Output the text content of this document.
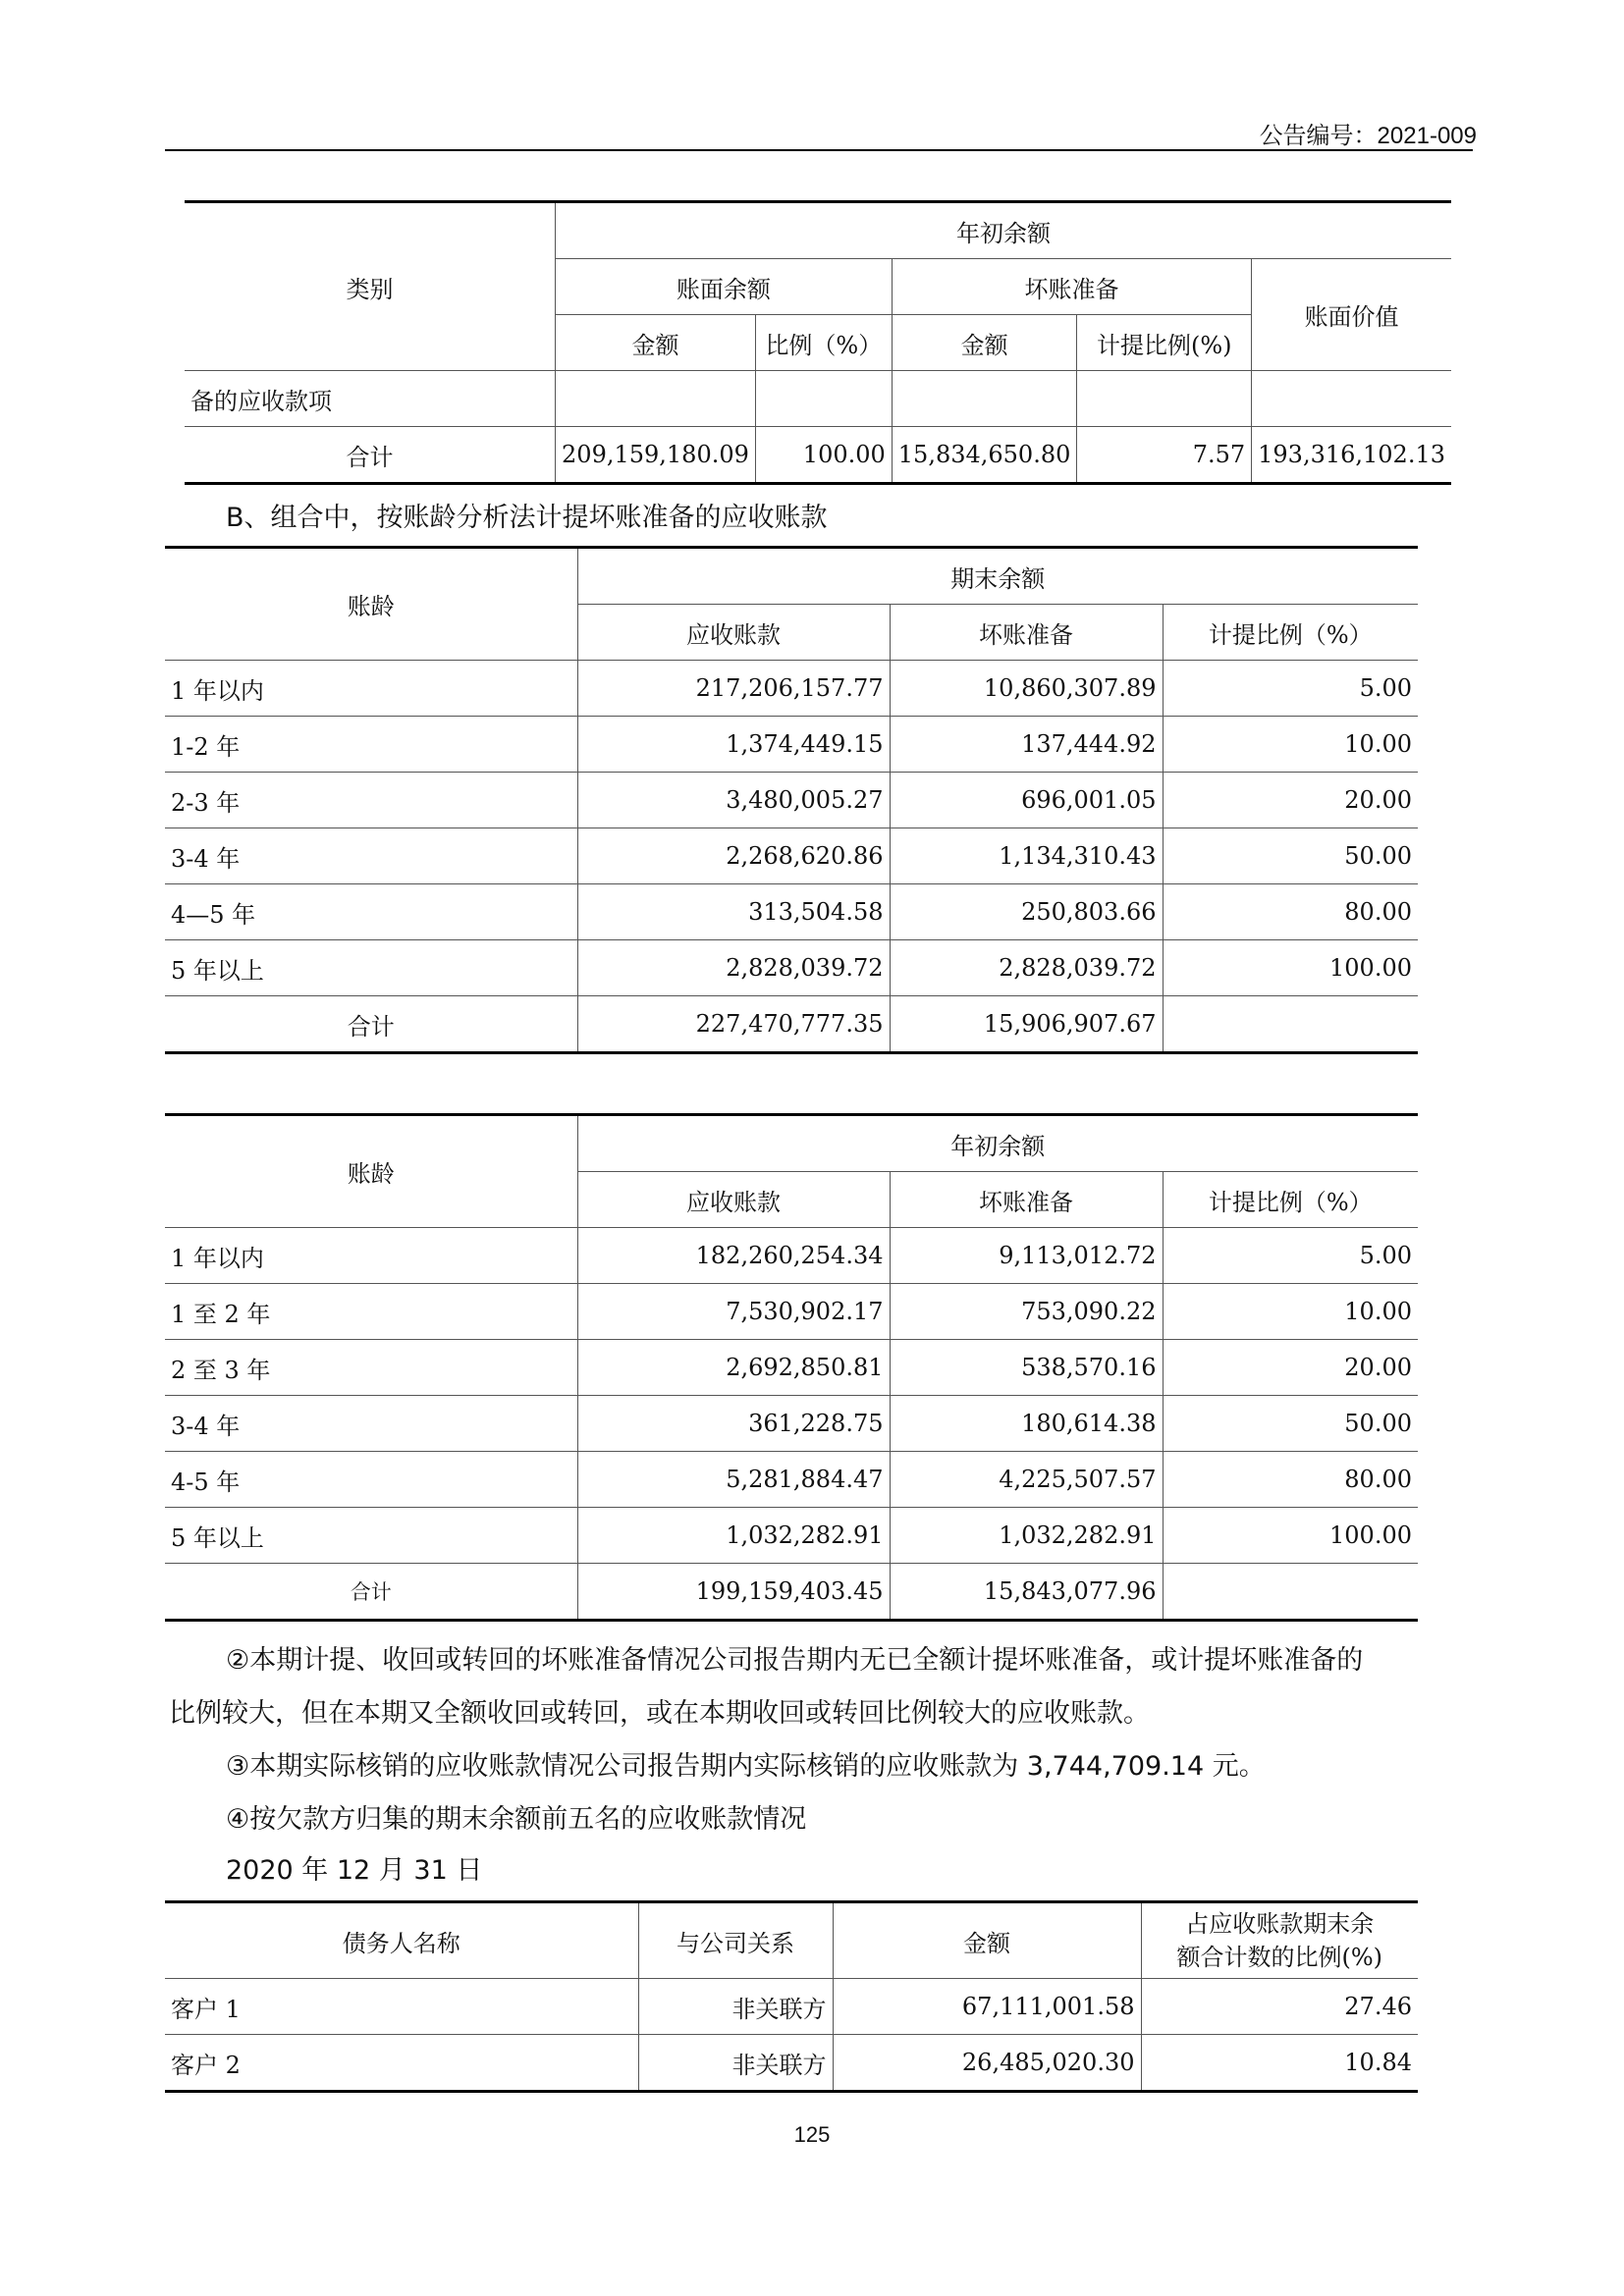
公告编号：2021-009
类别	年初余额				
	账面余额		坏账准备		账面价值
	金额	比例（%）	金额	计提比例(%)	
备的应收款项					
合计	209,159,180.09	100.00	15,834,650.80	7.57	193,316,102.13
B、组合中，按账龄分析法计提坏账准备的应收账款
账龄	期末余额		
	应收账款	坏账准备	计提比例（%）
1 年以内	217,206,157.77	10,860,307.89	5.00
1-2 年	1,374,449.15	137,444.92	10.00
2-3 年	3,480,005.27	696,001.05	20.00
3-4 年	2,268,620.86	1,134,310.43	50.00
4—5 年	313,504.58	250,803.66	80.00
5 年以上	2,828,039.72	2,828,039.72	100.00
合计	227,470,777.35	15,906,907.67	
账龄	年初余额		
	应收账款	坏账准备	计提比例（%）
1 年以内	182,260,254.34	9,113,012.72	5.00
1 至 2 年	7,530,902.17	753,090.22	10.00
2 至 3 年	2,692,850.81	538,570.16	20.00
3-4 年	361,228.75	180,614.38	50.00
4-5 年	5,281,884.47	4,225,507.57	80.00
5 年以上	1,032,282.91	1,032,282.91	100.00
合计	199,159,403.45	15,843,077.96	
②本期计提、收回或转回的坏账准备情况公司报告期内无已全额计提坏账准备，或计提坏账准备的
比例较大，但在本期又全额收回或转回，或在本期收回或转回比例较大的应收账款。
③本期实际核销的应收账款情况公司报告期内实际核销的应收账款为 3,744,709.14 元。
④按欠款方归集的期末余额前五名的应收账款情况
2020 年 12 月 31 日
债务人名称	与公司关系	金额	占应收账款期末余
额合计数的比例(%)
客户 1	非关联方	67,111,001.58	27.46
客户 2	非关联方	26,485,020.30	10.84
125
